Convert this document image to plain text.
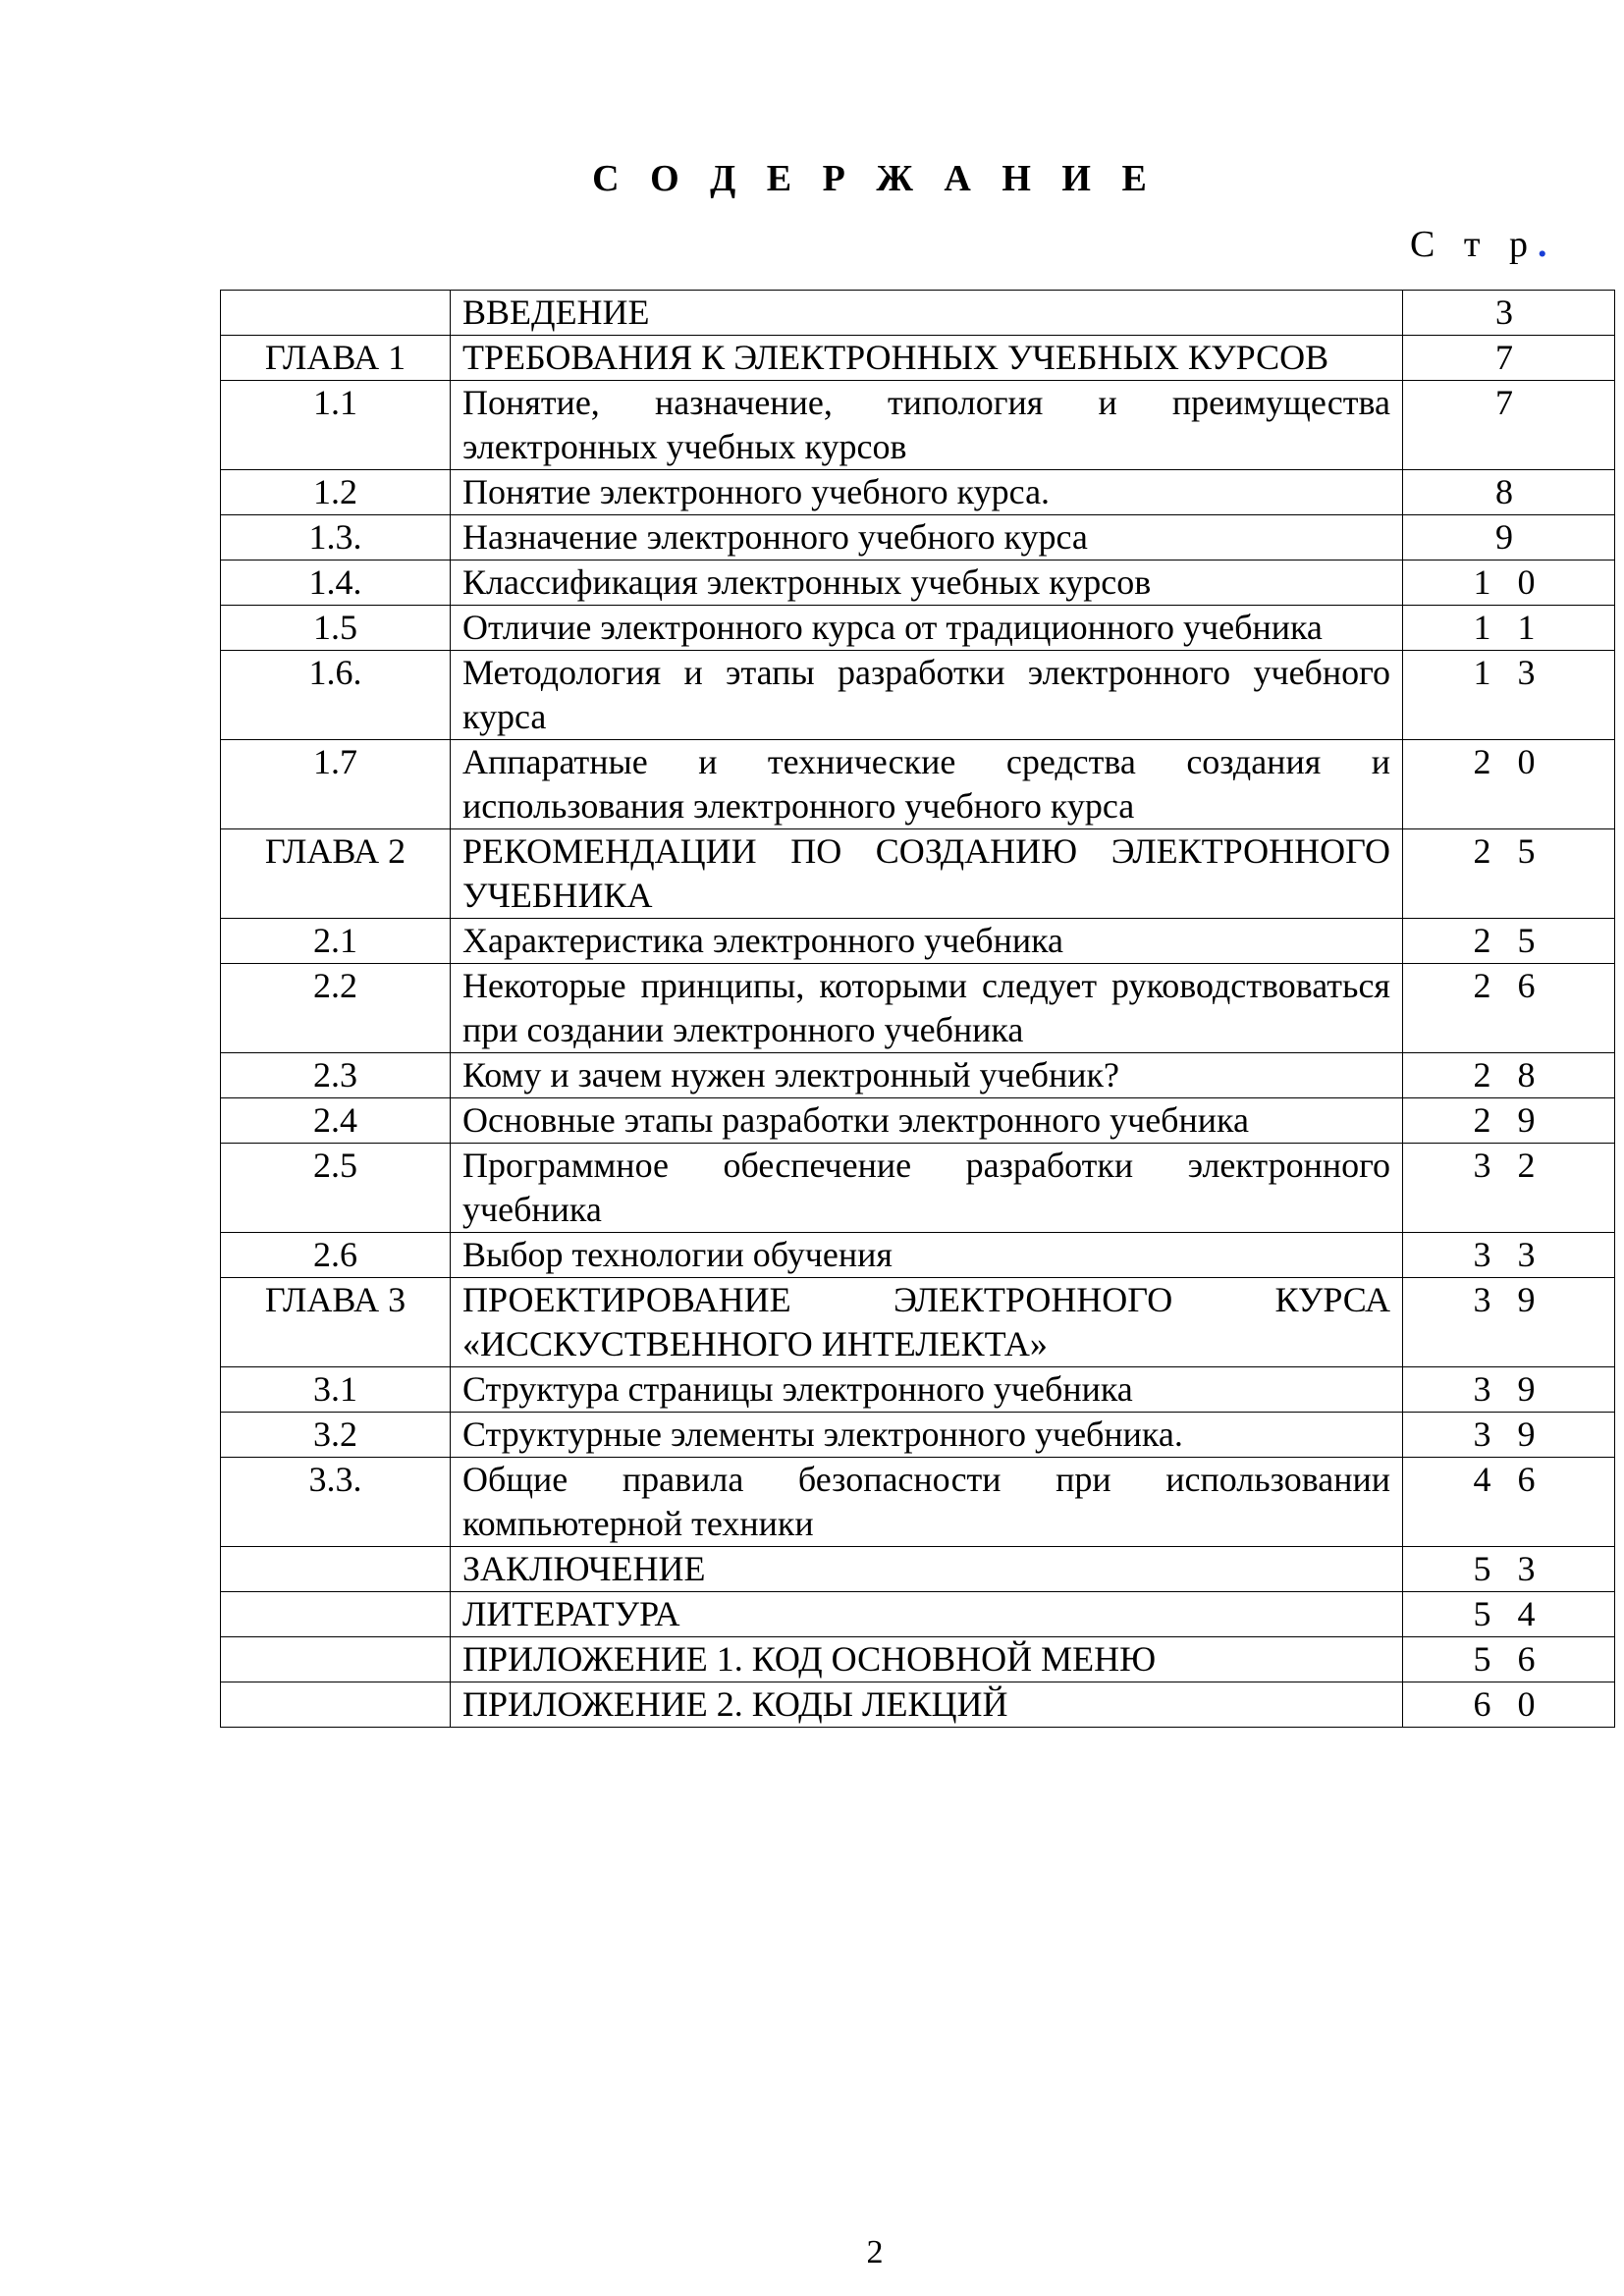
С О Д Е Р Ж А Н И Е
С т р.
	ВВЕДЕНИЕ	3
ГЛАВА 1	ТРЕБОВАНИЯ К ЭЛЕКТРОННЫХ УЧЕБНЫХ КУРСОВ	7
1.1	Понятие, назначение, типология и преимущества электронных учебных курсов	7
1.2	Понятие электронного учебного курса.	8
1.3.	Назначение электронного учебного курса	9
1.4.	Классификация электронных учебных курсов	1 0
1.5	Отличие электронного курса от традиционного учебника	1 1
1.6.	Методология и этапы разработки электронного учебного курса	1 3
1.7	Аппаратные и технические средства создания и использования электронного учебного курса	2 0
ГЛАВА 2	РЕКОМЕНДАЦИИ ПО СОЗДАНИЮ ЭЛЕКТРОННОГО УЧЕБНИКА	2 5
2.1	Характеристика электронного учебника	2 5
2.2	Некоторые принципы, которыми следует руководствоваться при создании электронного учебника	2 6
2.3	Кому и зачем нужен электронный учебник?	2 8
2.4	Основные этапы разработки электронного учебника	2 9
2.5	Программное обеспечение разработки электронного учебника	3 2
2.6	Выбор технологии обучения	3 3
ГЛАВА 3	ПРОЕКТИРОВАНИЕ ЭЛЕКТРОННОГО КУРСА «ИССКУСТВЕННОГО ИНТЕЛЕКТА»	3 9
3.1	Структура страницы электронного учебника	3 9
3.2	Структурные элементы электронного учебника.	3 9
3.3.	Общие правила безопасности при использовании компьютерной техники	4 6
	ЗАКЛЮЧЕНИЕ	5 3
	ЛИТЕРАТУРА	5 4
	ПРИЛОЖЕНИЕ 1. КОД ОСНОВНОЙ МЕНЮ	5 6
	ПРИЛОЖЕНИЕ 2. КОДЫ ЛЕКЦИЙ	6 0
2
